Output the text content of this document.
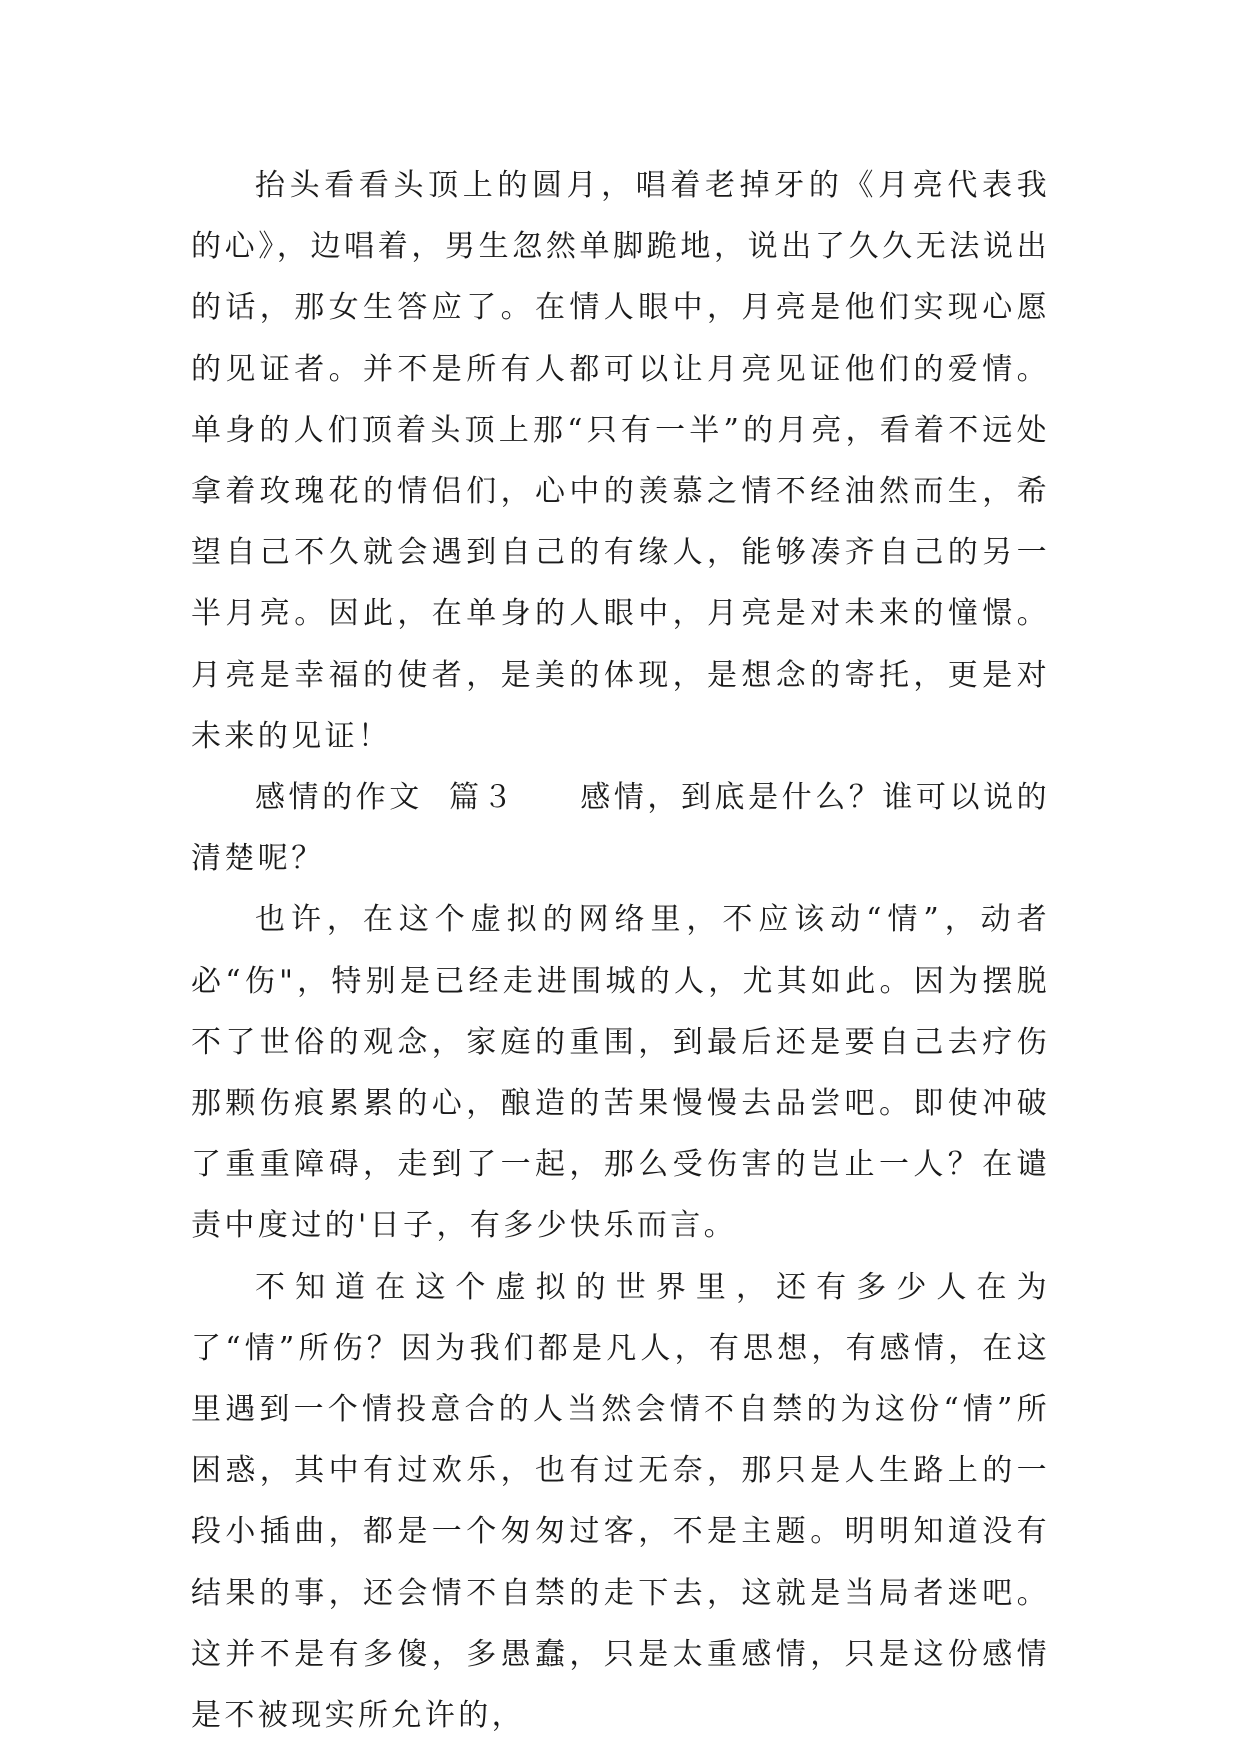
抬头看看头顶上的圆月，唱着老掉牙的《月亮代表我的心》，边唱着，男生忽然单脚跪地，说出了久久无法说出的话，那女生答应了。在情人眼中，月亮是他们实现心愿的见证者。并不是所有人都可以让月亮见证他们的爱情。单身的人们顶着头顶上那“只有一半”的月亮，看着不远处拿着玫瑰花的情侣们，心中的羡慕之情不经油然而生，希望自己不久就会遇到自己的有缘人，能够凑齐自己的另一半月亮。因此，在单身的人眼中，月亮是对未来的憧憬。月亮是幸福的使者，是美的体现，是想念的寄托，更是对未来的见证！

感情的作文 篇３ 感情，到底是什么？谁可以说的清楚呢？

也许，在这个虚拟的网络里，不应该动“情”，动者必“伤"，特别是已经走进围城的人，尤其如此。因为摆脱不了世俗的观念，家庭的重围，到最后还是要自己去疗伤那颗伤痕累累的心，酿造的苦果慢慢去品尝吧。即使冲破了重重障碍，走到了一起，那么受伤害的岂止一人？在谴责中度过的'日子，有多少快乐而言。

不知道在这个虚拟的世界里，还有多少人在为了“情”所伤？因为我们都是凡人，有思想，有感情，在这里遇到一个情投意合的人当然会情不自禁的为这份“情”所困惑，其中有过欢乐，也有过无奈，那只是人生路上的一段小插曲，都是一个匆匆过客，不是主题。明明知道没有结果的事，还会情不自禁的走下去，这就是当局者迷吧。这并不是有多傻，多愚蠢，只是太重感情，只是这份感情是不被现实所允许的，
